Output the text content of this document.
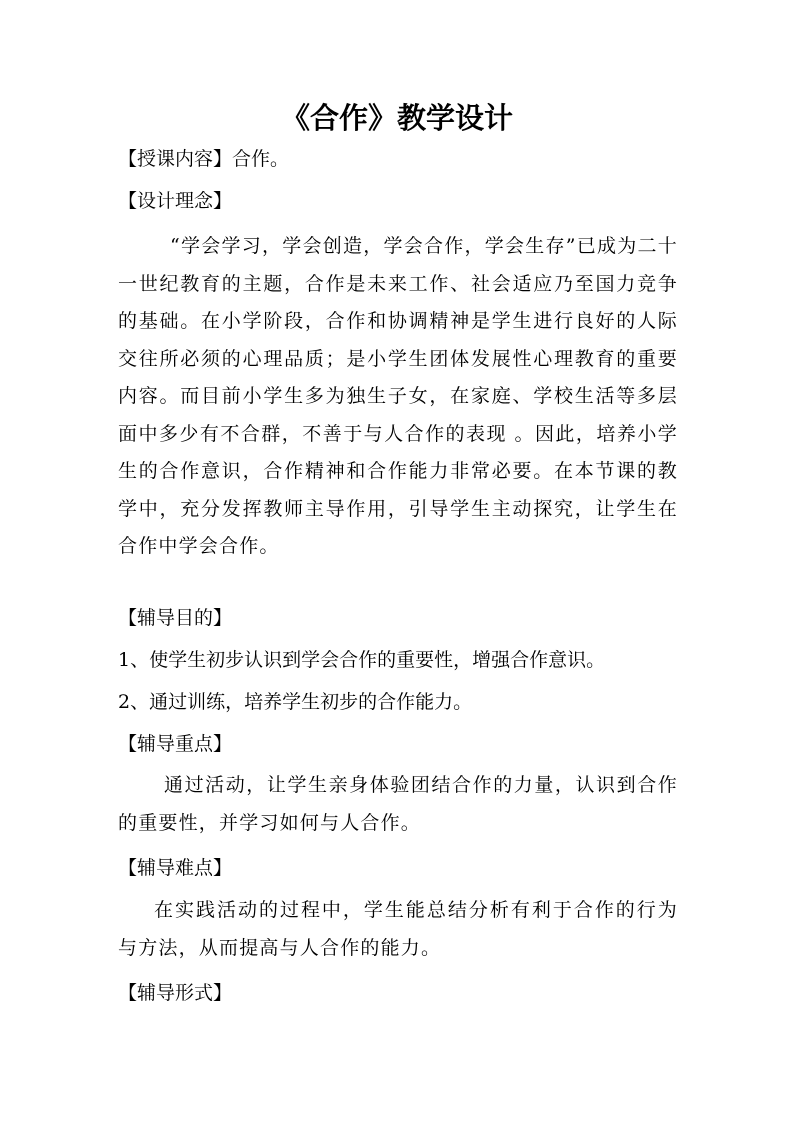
《合作》教学设计

【授课内容】合作。

【设计理念】

“学会学习，学会创造，学会合作，学会生存”已成为二十一世纪教育的主题，合作是未来工作、社会适应乃至国力竞争的基础。在小学阶段，合作和协调精神是学生进行良好的人际交往所必须的心理品质；是小学生团体发展性心理教育的重要内容。而目前小学生多为独生子女，在家庭、学校生活等多层面中多少有不合群，不善于与人合作的表现 。因此，培养小学生的合作意识，合作精神和合作能力非常必要。在本节课的教学中，充分发挥教师主导作用，引导学生主动探究，让学生在合作中学会合作。

【辅导目的】

1、使学生初步认识到学会合作的重要性，增强合作意识。

2、通过训练，培养学生初步的合作能力。

【辅导重点】

通过活动，让学生亲身体验团结合作的力量，认识到合作的重要性，并学习如何与人合作。

【辅导难点】

在实践活动的过程中，学生能总结分析有利于合作的行为与方法，从而提高与人合作的能力。

【辅导形式】
